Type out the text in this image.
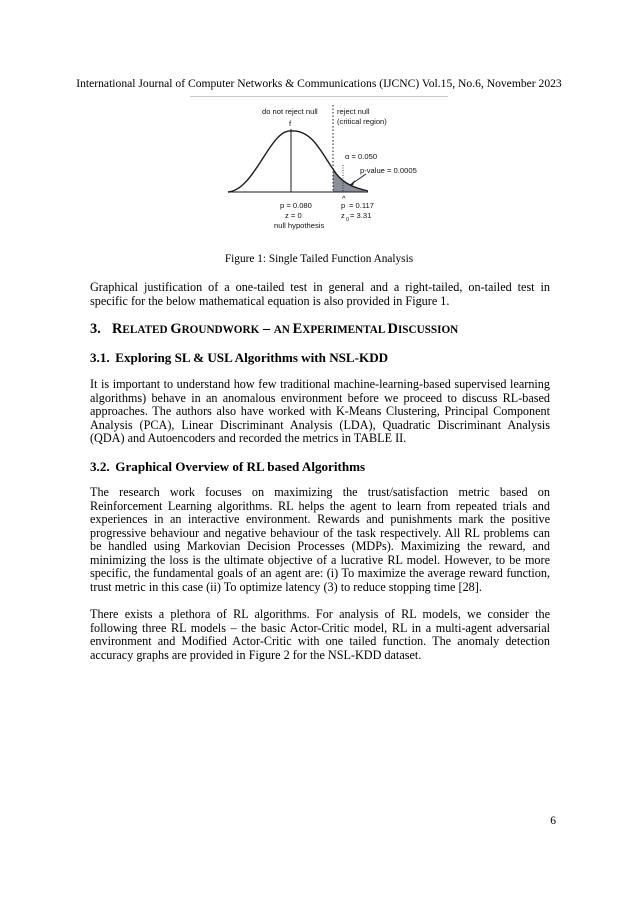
International Journal of Computer Networks & Communications (IJCNC) Vol.15, No.6, November 2023
do not reject null	reject null
(critical region)
f
α = 0.050
p-value = 0.0005
p = 0.080
z = 0
null hypothesis
^
p = 0.117
z 0 = 3.31
Figure 1: Single Tailed Function Analysis

Graphical justification of a one-tailed test in general and a right-tailed, on-tailed test in specific for the below mathematical equation is also provided in Figure 1.

3. RELATED GROUNDWORK – AN EXPERIMENTAL DISCUSSION
3.1. Exploring SL & USL Algorithms with NSL-KDD

It is important to understand how few traditional machine-learning-based supervised learning algorithms) behave in an anomalous environment before we proceed to discuss RL-based approaches. The authors also have worked with K-Means Clustering, Principal Component Analysis (PCA), Linear Discriminant Analysis (LDA), Quadratic Discriminant Analysis (QDA) and Autoencoders and recorded the metrics in TABLE II.

3.2. Graphical Overview of RL based Algorithms

The research work focuses on maximizing the trust/satisfaction metric based on Reinforcement Learning algorithms. RL helps the agent to learn from repeated trials and experiences in an interactive environment. Rewards and punishments mark the positive progressive behaviour and negative behaviour of the task respectively. All RL problems can be handled using Markovian Decision Processes (MDPs). Maximizing the reward, and minimizing the loss is the ultimate objective of a lucrative RL model. However, to be more specific, the fundamental goals of an agent are: (i) To maximize the average reward function, trust metric in this case (ii) To optimize latency (3) to reduce stopping time [28].

There exists a plethora of RL algorithms. For analysis of RL models, we consider the following three RL models – the basic Actor-Critic model, RL in a multi-agent adversarial environment and Modified Actor-Critic with one tailed function. The anomaly detection accuracy graphs are provided in Figure 2 for the NSL-KDD dataset.

6
